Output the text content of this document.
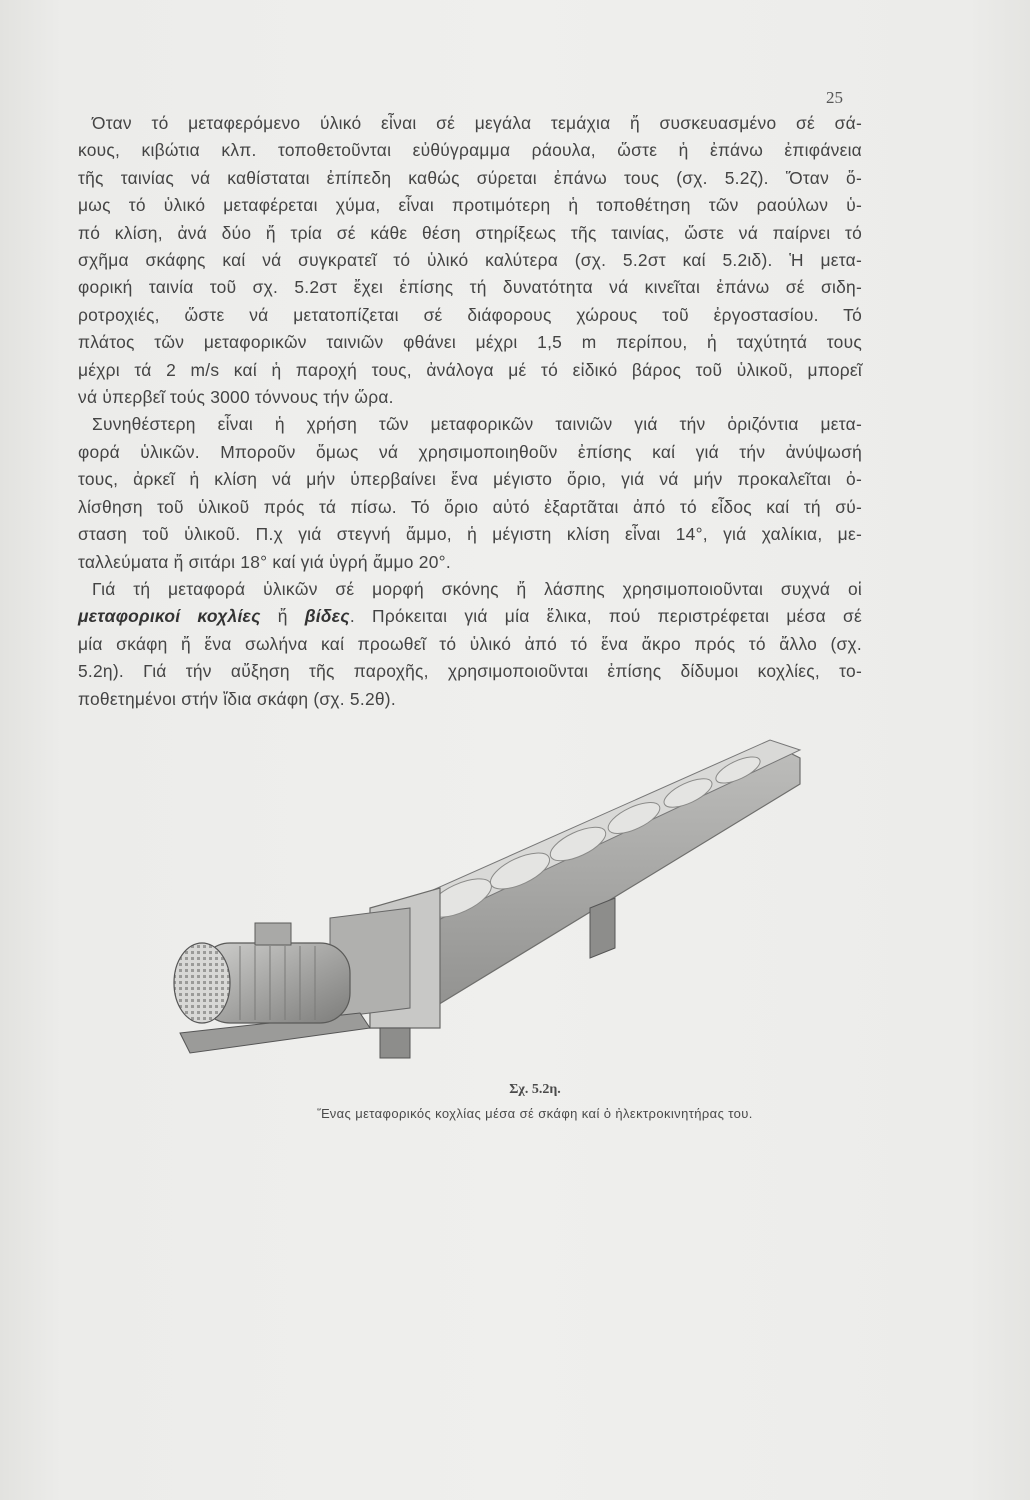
25
Όταν τό μεταφερόμενο ύλικό εἶναι σέ μεγάλα τεμάχια ἤ συσκευασμένο σέ σά-
κους, κιβώτια κλπ. τοποθετοῦνται εὐθύγραμμα ράουλα, ὥστε ἡ ἐπάνω ἐπιφάνεια
τῆς ταινίας νά καθίσταται ἐπίπεδη καθώς σύρεται ἐπάνω τους (σχ. 5.2ζ). Ὅταν ὅ-
μως τό ὑλικό μεταφέρεται χύμα, εἶναι προτιμότερη ἡ τοποθέτηση τῶν ραούλων ὑ-
πό κλίση, ἀνά δύο ἤ τρία σέ κάθε θέση στηρίξεως τῆς ταινίας, ὥστε νά παίρνει τό
σχῆμα σκάφης καί νά συγκρατεῖ τό ὑλικό καλύτερα (σχ. 5.2στ καί 5.2ιδ). Ἡ μετα-
φορική ταινία τοῦ σχ. 5.2στ ἔχει ἐπίσης τή δυνατότητα νά κινεῖται ἐπάνω σέ σιδη-
ροτροχιές, ὥστε νά μετατοπίζεται σέ διάφορους χώρους τοῦ ἐργοστασίου. Τό
πλάτος τῶν μεταφορικῶν ταινιῶν φθάνει μέχρι 1,5 m περίπου, ἡ ταχύτητά τους
μέχρι τά 2 m/s καί ἡ παροχή τους, ἀνάλογα μέ τό εἰδικό βάρος τοῦ ὑλικοῦ, μπορεῖ
νά ὑπερβεῖ τούς 3000 τόννους τήν ὥρα.
Συνηθέστερη εἶναι ἡ χρήση τῶν μεταφορικῶν ταινιῶν γιά τήν ὁριζόντια μετα-
φορά ὑλικῶν. Μποροῦν ὅμως νά χρησιμοποιηθοῦν ἐπίσης καί γιά τήν ἀνύψωσή
τους, ἀρκεῖ ἡ κλίση νά μήν ὑπερβαίνει ἕνα μέγιστο ὅριο, γιά νά μήν προκαλεῖται ὀ-
λίσθηση τοῦ ὑλικοῦ πρός τά πίσω. Τό ὅριο αὐτό ἐξαρτᾶται ἀπό τό εἶδος καί τή σύ-
σταση τοῦ ὑλικοῦ. Π.χ γιά στεγνή ἄμμο, ἡ μέγιστη κλίση εἶναι 14°, γιά χαλίκια, με-
ταλλεύματα ἤ σιτάρι 18° καί γιά ὑγρή ἄμμο 20°.
Γιά τή μεταφορά ὑλικῶν σέ μορφή σκόνης ἤ λάσπης χρησιμοποιοῦνται συχνά οἱ
μεταφορικοί κοχλίες ἤ βίδες. Πρόκειται γιά μία ἕλικα, πού περιστρέφεται μέσα σέ
μία σκάφη ἤ ἕνα σωλήνα καί προωθεῖ τό ὑλικό ἀπό τό ἕνα ἄκρο πρός τό ἄλλο (σχ.
5.2η). Γιά τήν αὔξηση τῆς παροχῆς, χρησιμοποιοῦνται ἐπίσης δίδυμοι κοχλίες, το-
ποθετημένοι στήν ἴδια σκάφη (σχ. 5.2θ).
Σχ. 5.2η.
Ἕνας μεταφορικός κοχλίας μέσα σέ σκάφη καί ὁ ἠλεκτροκινητήρας του.
